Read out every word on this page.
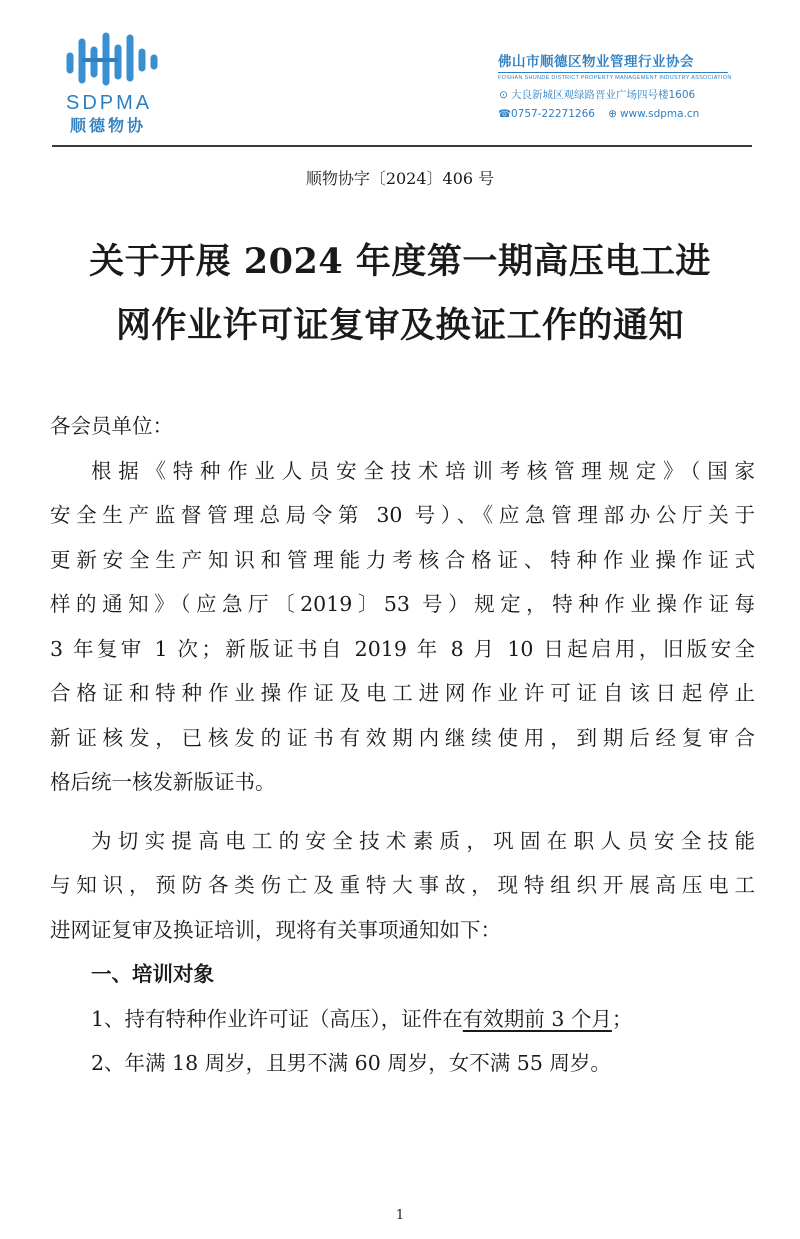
SDPMA
顺德物协
佛山市顺德区物业管理行业协会
FOSHAN SHUNDE DISTRICT PROPERTY MANAGEMENT INDUSTRY ASSOCIATION
⊙ 大良新城区观绿路晋业广场四号楼1606
☎0757-22271266 ⊕ www.sdpma.cn
顺物协字〔2024〕406 号
关于开展 2024 年度第一期高压电工进
网作业许可证复审及换证工作的通知
各会员单位：
根据《特种作业人员安全技术培训考核管理规定》（国家
安全生产监督管理总局令第 30 号）、《应急管理部办公厅关于
更新安全生产知识和管理能力考核合格证、特种作业操作证式
样的通知》（应急厅〔2019〕53 号）规定，特种作业操作证每
3 年复审 1 次；新版证书自 2019 年 8 月 10 日起启用，旧版安全
合格证和特种作业操作证及电工进网作业许可证自该日起停止
新证核发，已核发的证书有效期内继续使用，到期后经复审合
格后统一核发新版证书。
为切实提高电工的安全技术素质，巩固在职人员安全技能
与知识，预防各类伤亡及重特大事故，现特组织开展高压电工
进网证复审及换证培训，现将有关事项通知如下：
一、培训对象
1、持有特种作业许可证（高压），证件在有效期前 3 个月；
2、年满 18 周岁，且男不满 60 周岁，女不满 55 周岁。
1
